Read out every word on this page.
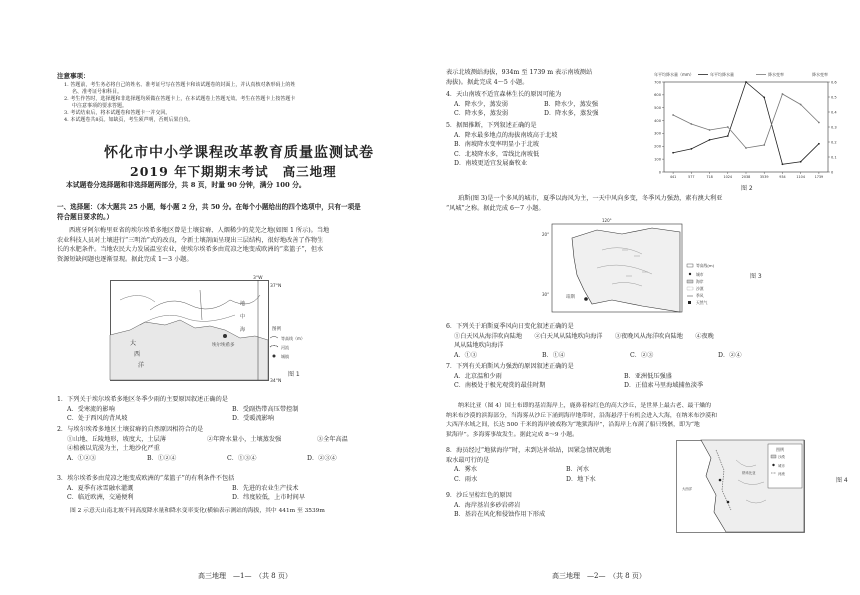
注意事项：
1. 答题前，考生务必将自己的姓名、准考证号写在答题卡和该试题卷的封面上，并认真核对条形码上的姓
名、准考证号和科目。
2. 考生作答时，选择题和非选择题均须做在答题卡上，在本试题卷上答题无效。考生在答题卡上按答题卡
中注意事项的要求答题。
3. 考试结束后，将本试题卷和答题卡一并交回。
4. 本试题卷共8页。如缺页，考生须声明，否则后果自负。
怀化市中小学课程改革教育质量监测试卷
2019 年下期期末考试 高三地理
本试题卷分选择题和非选择题两部分，共 8 页，时量 90 分钟，满分 100 分。
一、选择题：（本大题共 25 小题，每小题 2 分，共 50 分。在每个小题给出的四个选项中，只有一项是
符合题目要求的。）
西班牙阿尔梅里亚省的埃尔埃希多地区曾是土壤贫瘠、人烟稀少的荒芜之地(如图 1 所示)。当地
农业科技人员对土壤进行“三明治”式的改良，令新土壤剖面呈现出三层结构，很好地改善了作物生
长的水肥条件。当地农民大力发展温室农业，使埃尔埃希多由荒凉之地变成欧洲的“菜篮子”，但水
资源短缺问题也逐渐显现。据此完成 1～3 小题。
埃尔埃希多
大
西
洋
地
中
海
37°N
34°N
3°W
图例
等高线（m）
河流
城镇
图 1
1．下列关于埃尔埃希多地区冬季少雨的主要原因叙述正确的是
A．受寒流的影响	B．受副热带高压带控制
C．处于西风的背风坡	D．受暖流影响
2．与埃尔埃希多地区土壤贫瘠的自然原因相符合的是
①山地、丘陵地形，坡度大，土层薄	②年降水量小，土壤蒸发强	③全年高温
④植被以荒漠为主，土地沙化严重
A．①②③	B．①②④	C．①③④	D．②③④
3．埃尔埃希多由荒凉之地变成欧洲的“菜篮子”的有利条件不包括
A．夏季有冰雪融水灌溉	B．先进的农业生产技术
C．临近欧洲，交通便利	D．纬度较低，上市时间早
图 2 示意天山南北坡不同高度降水量和降水变率变化(横轴表示测站的海拔，其中 441m 至 3539m
高三地理　—1—　（共 8 页）
表示北坡测站海拔，934m 至 1739 m 表示南坡测站
海拔)。据此完成 4～5 小题。
4．天山南坡不适宜森林生长的原因可能为
A．降水少，蒸发弱	B．降水少，蒸发强
C．降水多，蒸发弱	D．降水多，蒸发强
5．据图推断，下列叙述正确的是
A．降水最多地点的海拔南坡高于北坡
B．南坡降水变率明显小于北坡
C．北坡降水多，雪线比南坡低
D．南坡更适宜发展畜牧业
年平均降水量（mm）	降水变率
年平均降水量	降水变率
0
100
200
300
400
500
600
700
0
0.1
0.2
0.3
0.4
0.5
0.6
441	577	718	1024	2038	3539	934	1104	1739
图 2
珀斯(图 3)是一个多风的城市，夏季以海风为主，一天中风向多变，冬季风力强劲，素有澳大利亚
“风城”之称。据此完成 6～7 小题。
珀斯
120°
20°
30°
等高线(m)
城市
海岸
沙漠
季风
天然气
图 3
6．下列关于珀斯夏季风向日变化叙述正确的是
①白天风从海洋吹向陆地　　②白天风从陆地吹向海洋　　③夜晚风从海洋吹向陆地　　④夜晚
风从陆地吹向海洋
A．①③	B．①④	C．②③	D．②④
7．下列有关珀斯风力强劲的原因叙述正确的是
A．北京温和少雨	B．亚洲低压强盛
C．南极处于极光观赏的最佳时期	D．正值索马里海域捕鱼淡季
纳米比亚（图 4）国土布即的基岩海岸上，鹿鼻着棕红色的高大沙丘，是世界上最古老、最干燥的
纳米布沙漠的滨海部分，当海雾从沙丘下涌到海岸地带时，沿海悬浮于有机会进入大海，在纳米布沙漠和
大西洋水域之间，长达 500 千米的海岸被戏称为“地狱海岸”，沿海岸上布满了船只残骸，即为“地
狱海岸”。多海雾事故发生。据此完成 8～9 小题。
8．海员经过“地狱海岸”时，未到达补给站，因紧急情况就地
取水最可行的是
A．雾水	B．河水
C．雨水	D．地下水
9．沙丘呈棕红色的原因
A．海岸基岩多砂岩碎岩
B．基岩在风化和侵蚀作用下形成
图例
大西洋
纳米比亚
沙漠
城市
河流
图 4
高三地理　—2—　（共 8 页）
